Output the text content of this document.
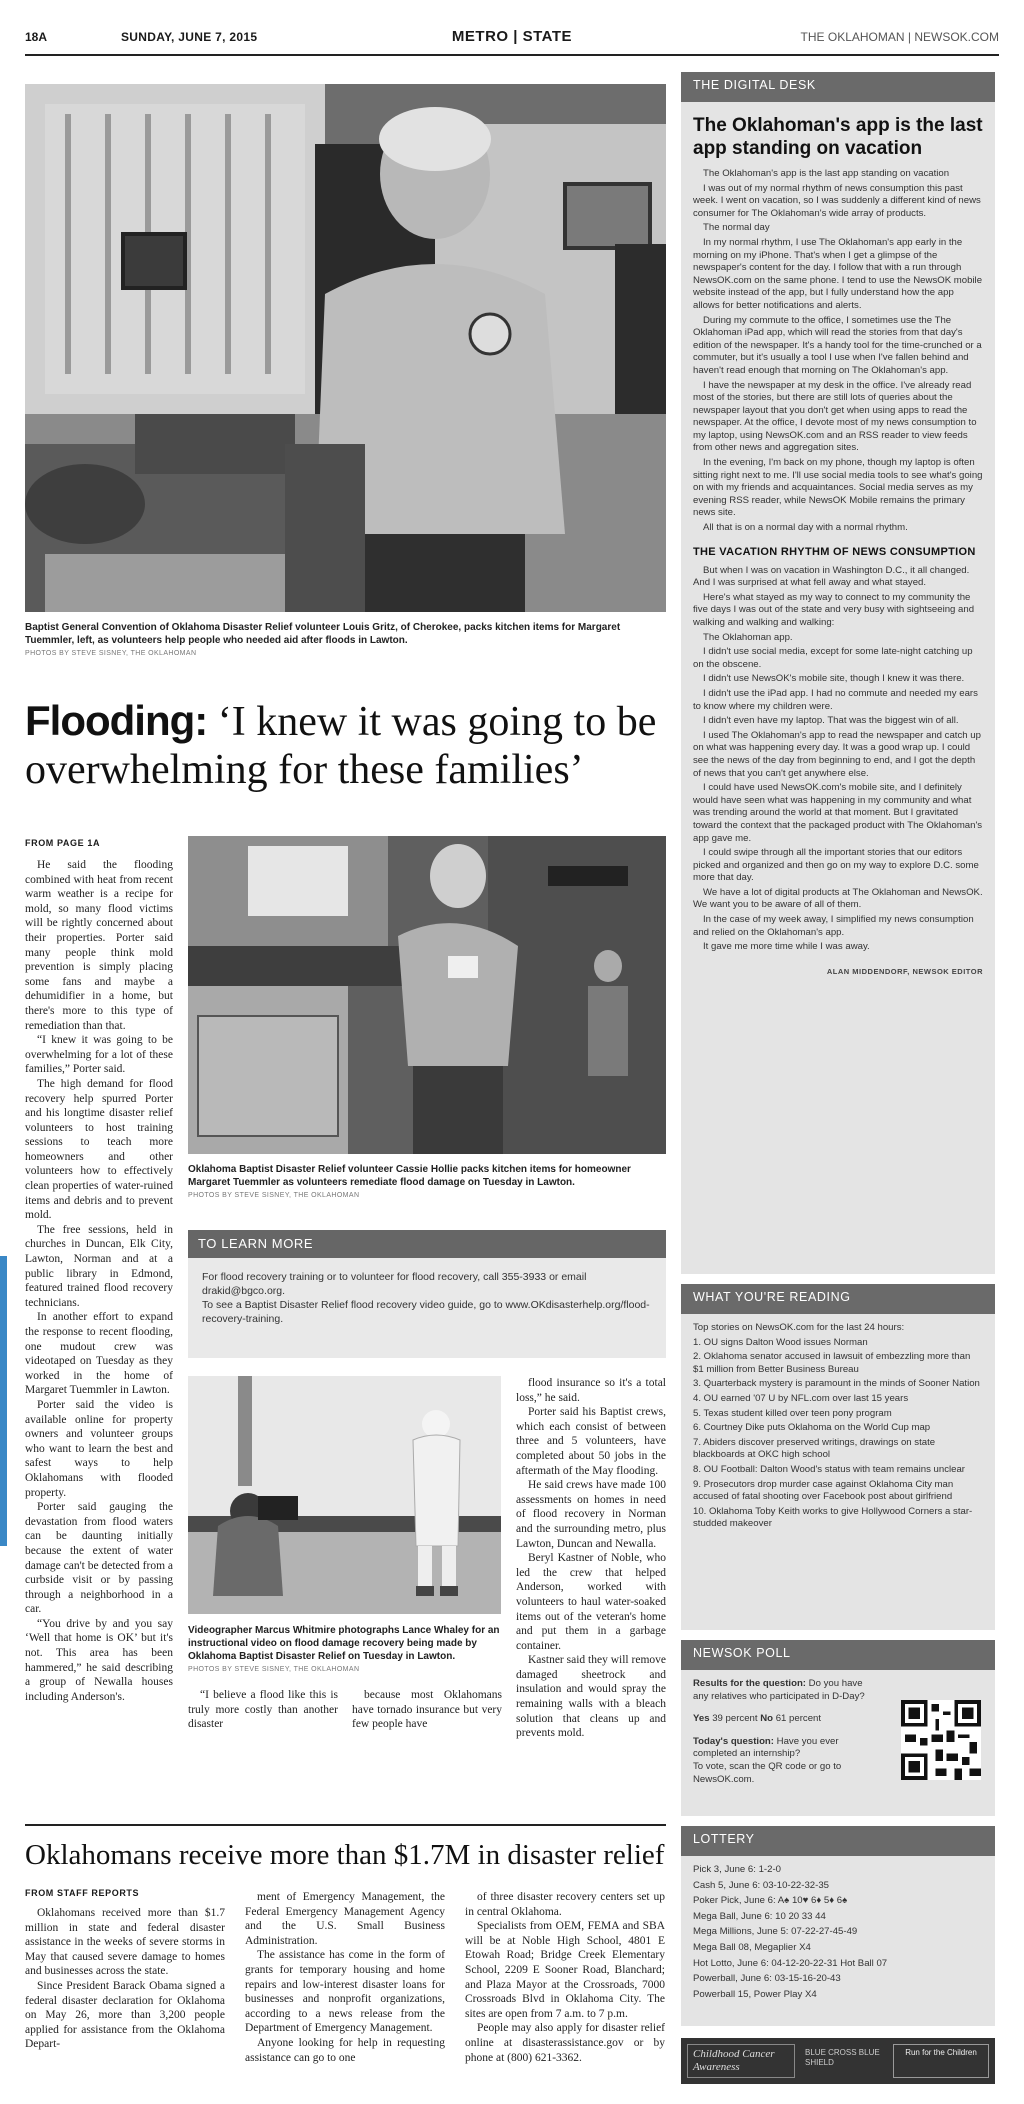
18A	SUNDAY, JUNE 7, 2015	METRO | STATE	THE OKLAHOMAN | NEWSOK.COM
Baptist General Convention of Oklahoma Disaster Relief volunteer Louis Gritz, of Cherokee, packs kitchen items for Margaret Tuemmler, left, as volunteers help people who needed aid after floods in Lawton.
PHOTOS BY STEVE SISNEY, THE OKLAHOMAN
Flooding: ‘I knew it was going to be overwhelming for these families’
FROM PAGE 1A

He said the flooding combined with heat from recent warm weather is a recipe for mold, so many flood victims will be rightly concerned about their properties. Porter said many people think mold prevention is simply placing some fans and maybe a dehumidifier in a home, but there's more to this type of remediation than that.

“I knew it was going to be overwhelming for a lot of these families,” Porter said.

The high demand for flood recovery help spurred Porter and his longtime disaster relief volunteers to host training sessions to teach more homeowners and other volunteers how to effectively clean properties of water-ruined items and debris and to prevent mold.

The free sessions, held in churches in Duncan, Elk City, Lawton, Norman and at a public library in Edmond, featured trained flood recovery technicians.

In another effort to expand the response to recent flooding, one mudout crew was videotaped on Tuesday as they worked in the home of Margaret Tuemmler in Lawton.

Porter said the video is available online for property owners and volunteer groups who want to learn the best and safest ways to help Oklahomans with flooded property.

Porter said gauging the devastation from flood waters can be daunting initially because the extent of water damage can't be detected from a curbside visit or by passing through a neighborhood in a car.

“You drive by and you say ‘Well that home is OK’ but it's not. This area has been hammered,” he said describing a group of Newalla houses including Anderson's.

Oklahoma Baptist Disaster Relief volunteer Cassie Hollie packs kitchen items for homeowner Margaret Tuemmler as volunteers remediate flood damage on Tuesday in Lawton.
PHOTOS BY STEVE SISNEY, THE OKLAHOMAN
TO LEARN MORE

For flood recovery training or to volunteer for flood recovery, call 355-3933 or email drakid@bgco.org.

To see a Baptist Disaster Relief flood recovery video guide, go to www.OKdisasterhelp.org/flood-recovery-training.

Videographer Marcus Whitmire photographs Lance Whaley for an instructional video on flood damage recovery being made by Oklahoma Baptist Disaster Relief on Tuesday in Lawton.
PHOTOS BY STEVE SISNEY, THE OKLAHOMAN

“I believe a flood like this is truly more costly than another disaster

because most Oklahomans have tornado insurance but very few people have

flood insurance so it's a total loss,” he said.

Porter said his Baptist crews, which each consist of between three and 5 volunteers, have completed about 50 jobs in the aftermath of the May flooding.

He said crews have made 100 assessments on homes in need of flood recovery in Norman and the surrounding metro, plus Lawton, Duncan and Newalla.

Beryl Kastner of Noble, who led the crew that helped Anderson, worked with volunteers to haul water-soaked items out of the veteran's home and put them in a garbage container.

Kastner said they will remove damaged sheetrock and insulation and would spray the remaining walls with a bleach solution that cleans up and prevents mold.

Oklahomans receive more than $1.7M in disaster relief
FROM STAFF REPORTS

Oklahomans received more than $1.7 million in state and federal disaster assistance in the weeks of severe storms in May that caused severe damage to homes and businesses across the state.

Since President Barack Obama signed a federal disaster declaration for Oklahoma on May 26, more than 3,200 people applied for assistance from the Oklahoma Depart-

ment of Emergency Management, the Federal Emergency Management Agency and the U.S. Small Business Administration.

The assistance has come in the form of grants for temporary housing and home repairs and low-interest disaster loans for businesses and nonprofit organizations, according to a news release from the Department of Emergency Management.

Anyone looking for help in requesting assistance can go to one

of three disaster recovery centers set up in central Oklahoma.

Specialists from OEM, FEMA and SBA will be at Noble High School, 4801 E Etowah Road; Bridge Creek Elementary School, 2209 E Sooner Road, Blanchard; and Plaza Mayor at the Crossroads, 7000 Crossroads Blvd in Oklahoma City. The sites are open from 7 a.m. to 7 p.m.

People may also apply for disaster relief online at disasterassistance.gov or by phone at (800) 621-3362.

THE DIGITAL DESK
The Oklahoman's app is the last app standing on vacation

The Oklahoman's app is the last app standing on vacation

I was out of my normal rhythm of news consumption this past week. I went on vacation, so I was suddenly a different kind of news consumer for The Oklahoman's wide array of products.

The normal day

In my normal rhythm, I use The Oklahoman's app early in the morning on my iPhone. That's when I get a glimpse of the newspaper's content for the day. I follow that with a run through NewsOK.com on the same phone. I tend to use the NewsOK mobile website instead of the app, but I fully understand how the app allows for better notifications and alerts.

During my commute to the office, I sometimes use the The Oklahoman iPad app, which will read the stories from that day's edition of the newspaper. It's a handy tool for the time-crunched or a commuter, but it's usually a tool I use when I've fallen behind and haven't read enough that morning on The Oklahoman's app.

I have the newspaper at my desk in the office. I've already read most of the stories, but there are still lots of queries about the newspaper layout that you don't get when using apps to read the newspaper. At the office, I devote most of my news consumption to my laptop, using NewsOK.com and an RSS reader to view feeds from other news and aggregation sites.

In the evening, I'm back on my phone, though my laptop is often sitting right next to me. I'll use social media tools to see what's going on with my friends and acquaintances. Social media serves as my evening RSS reader, while NewsOK Mobile remains the primary news site.

All that is on a normal day with a normal rhythm.

THE VACATION RHYTHM OF NEWS CONSUMPTION

But when I was on vacation in Washington D.C., it all changed. And I was surprised at what fell away and what stayed.

Here's what stayed as my way to connect to my community the five days I was out of the state and very busy with sightseeing and walking and walking and walking:

The Oklahoman app.

I didn't use social media, except for some late-night catching up on the obscene.

I didn't use NewsOK's mobile site, though I knew it was there.

I didn't use the iPad app. I had no commute and needed my ears to know where my children were.

I didn't even have my laptop. That was the biggest win of all.

I used The Oklahoman's app to read the newspaper and catch up on what was happening every day. It was a good wrap up. I could see the news of the day from beginning to end, and I got the depth of news that you can't get anywhere else.

I could have used NewsOK.com's mobile site, and I definitely would have seen what was happening in my community and what was trending around the world at that moment. But I gravitated toward the context that the packaged product with The Oklahoman's app gave me.

I could swipe through all the important stories that our editors picked and organized and then go on my way to explore D.C. some more that day.

We have a lot of digital products at The Oklahoman and NewsOK. We want you to be aware of all of them.

In the case of my week away, I simplified my news consumption and relied on the Oklahoman's app.

It gave me more time while I was away.

ALAN MIDDENDORF, NEWSOK EDITOR
WHAT YOU'RE READING

Top stories on NewsOK.com for the last 24 hours:

1. OU signs Dalton Wood issues Norman

2. Oklahoma senator accused in lawsuit of embezzling more than $1 million from Better Business Bureau

3. Quarterback mystery is paramount in the minds of Sooner Nation

4. OU earned '07 U by NFL.com over last 15 years

5. Texas student killed over teen pony program

6. Courtney Dike puts Oklahoma on the World Cup map

7. Abiders discover preserved writings, drawings on state blackboards at OKC high school

8. OU Football: Dalton Wood's status with team remains unclear

9. Prosecutors drop murder case against Oklahoma City man accused of fatal shooting over Facebook post about girlfriend

10. Oklahoma Toby Keith works to give Hollywood Corners a star-studded makeover

NEWSOK POLL

Results for the question: Do you have any relatives who participated in D-Day?

Yes 39 percent No 61 percent

Today's question: Have you ever completed an internship?
To vote, scan the QR code or go to NewsOK.com.

LOTTERY

Pick 3, June 6: 1-2-0

Cash 5, June 6: 03-10-22-32-35

Poker Pick, June 6: A♠ 10♥ 6♦ 5♦ 6♠

Mega Ball, June 6: 10 20 33 44

Mega Millions, June 5: 07-22-27-45-49

Mega Ball 08, Megaplier X4

Hot Lotto, June 6: 04-12-20-22-31 Hot Ball 07

Powerball, June 6: 03-15-16-20-43

Powerball 15, Power Play X4

Childhood Cancer Awareness
BLUE CROSS BLUE SHIELD
Run for the Children
